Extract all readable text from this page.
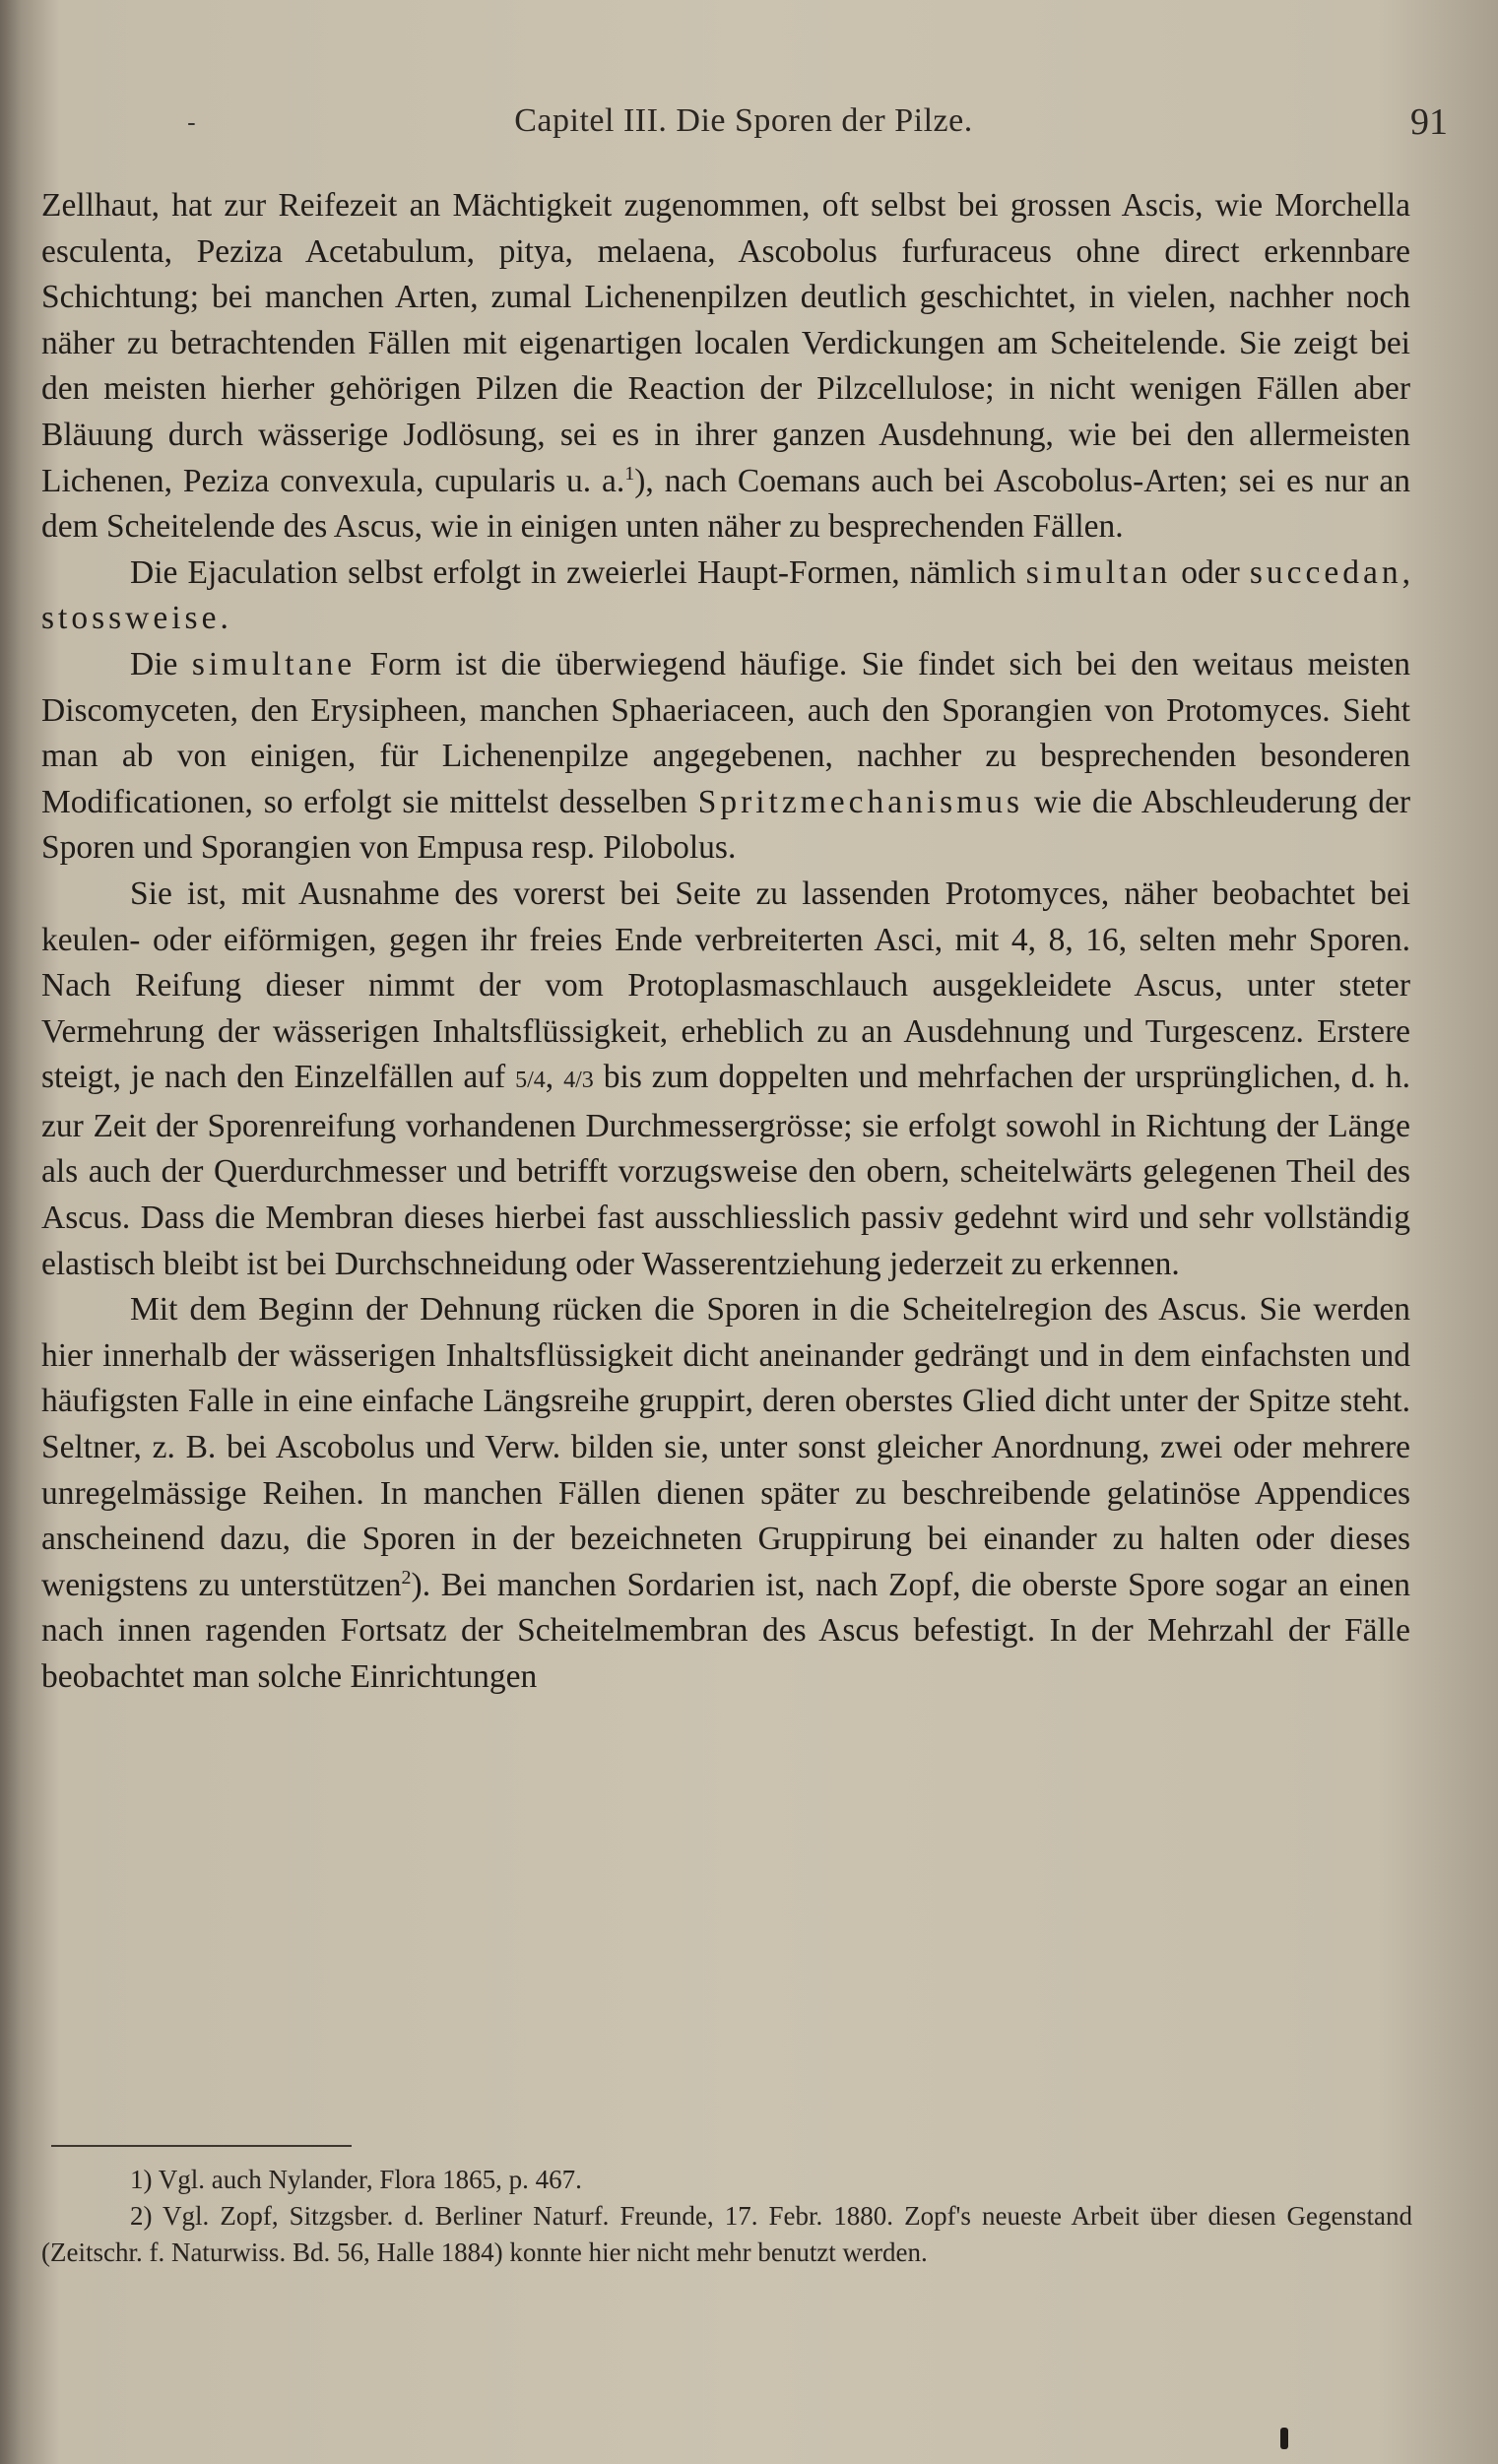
-	Capitel III. Die Sporen der Pilze.	91

Zellhaut, hat zur Reifezeit an Mächtigkeit zugenommen, oft selbst bei grossen Ascis, wie Morchella esculenta, Peziza Acetabulum, pitya, melaena, Ascobolus furfuraceus ohne direct erkennbare Schichtung; bei manchen Arten, zumal Lichenenpilzen deutlich geschichtet, in vielen, nachher noch näher zu betrachtenden Fällen mit eigenartigen localen Verdickungen am Scheitelende. Sie zeigt bei den meisten hierher gehörigen Pilzen die Reaction der Pilzcellulose; in nicht wenigen Fällen aber Bläuung durch wässerige Jodlösung, sei es in ihrer ganzen Ausdehnung, wie bei den allermeisten Lichenen, Peziza convexula, cupularis u. a.$^1$), nach Coemans auch bei Ascobolus-Arten; sei es nur an dem Scheitelende des Ascus, wie in einigen unten näher zu besprechenden Fällen.

Die Ejaculation selbst erfolgt in zweierlei Haupt-Formen, nämlich simultan oder succedan, stossweise.

Die simultane Form ist die überwiegend häufige. Sie findet sich bei den weitaus meisten Discomyceten, den Erysipheen, manchen Sphaeriaceen, auch den Sporangien von Protomyces. Sieht man ab von einigen, für Lichenenpilze angegebenen, nachher zu besprechenden besonderen Modificationen, so erfolgt sie mittelst desselben Spritzmechanismus wie die Abschleuderung der Sporen und Sporangien von Empusa resp. Pilobolus.

Sie ist, mit Ausnahme des vorerst bei Seite zu lassenden Protomyces, näher beobachtet bei keulen- oder eiförmigen, gegen ihr freies Ende verbreiterten Asci, mit 4, 8, 16, selten mehr Sporen. Nach Reifung dieser nimmt der vom Protoplasmaschlauch ausgekleidete Ascus, unter steter Vermehrung der wässerigen Inhaltsflüssigkeit, erheblich zu an Ausdehnung und Turgescenz. Erstere steigt, je nach den Einzelfällen auf 5/4, 4/3 bis zum doppelten und mehrfachen der ursprünglichen, d. h. zur Zeit der Sporenreifung vorhandenen Durchmessergrösse; sie erfolgt sowohl in Richtung der Länge als auch der Querdurchmesser und betrifft vorzugsweise den obern, scheitelwärts gelegenen Theil des Ascus. Dass die Membran dieses hierbei fast ausschliesslich passiv gedehnt wird und sehr vollständig elastisch bleibt ist bei Durchschneidung oder Wasserentziehung jederzeit zu erkennen.

Mit dem Beginn der Dehnung rücken die Sporen in die Scheitelregion des Ascus. Sie werden hier innerhalb der wässerigen Inhaltsflüssigkeit dicht aneinander gedrängt und in dem einfachsten und häufigsten Falle in eine einfache Längsreihe gruppirt, deren oberstes Glied dicht unter der Spitze steht. Seltner, z. B. bei Ascobolus und Verw. bilden sie, unter sonst gleicher Anordnung, zwei oder mehrere unregelmässige Reihen. In manchen Fällen dienen später zu beschreibende gelatinöse Appendices anscheinend dazu, die Sporen in der bezeichneten Gruppirung bei einander zu halten oder dieses wenigstens zu unterstützen$^2$). Bei manchen Sordarien ist, nach Zopf, die oberste Spore sogar an einen nach innen ragenden Fortsatz der Scheitelmembran des Ascus befestigt. In der Mehrzahl der Fälle beobachtet man solche Einrichtungen

1) Vgl. auch Nylander, Flora 1865, p. 467.

2) Vgl. Zopf, Sitzgsber. d. Berliner Naturf. Freunde, 17. Febr. 1880. Zopf's neueste Arbeit über diesen Gegenstand (Zeitschr. f. Naturwiss. Bd. 56, Halle 1884) konnte hier nicht mehr benutzt werden.
